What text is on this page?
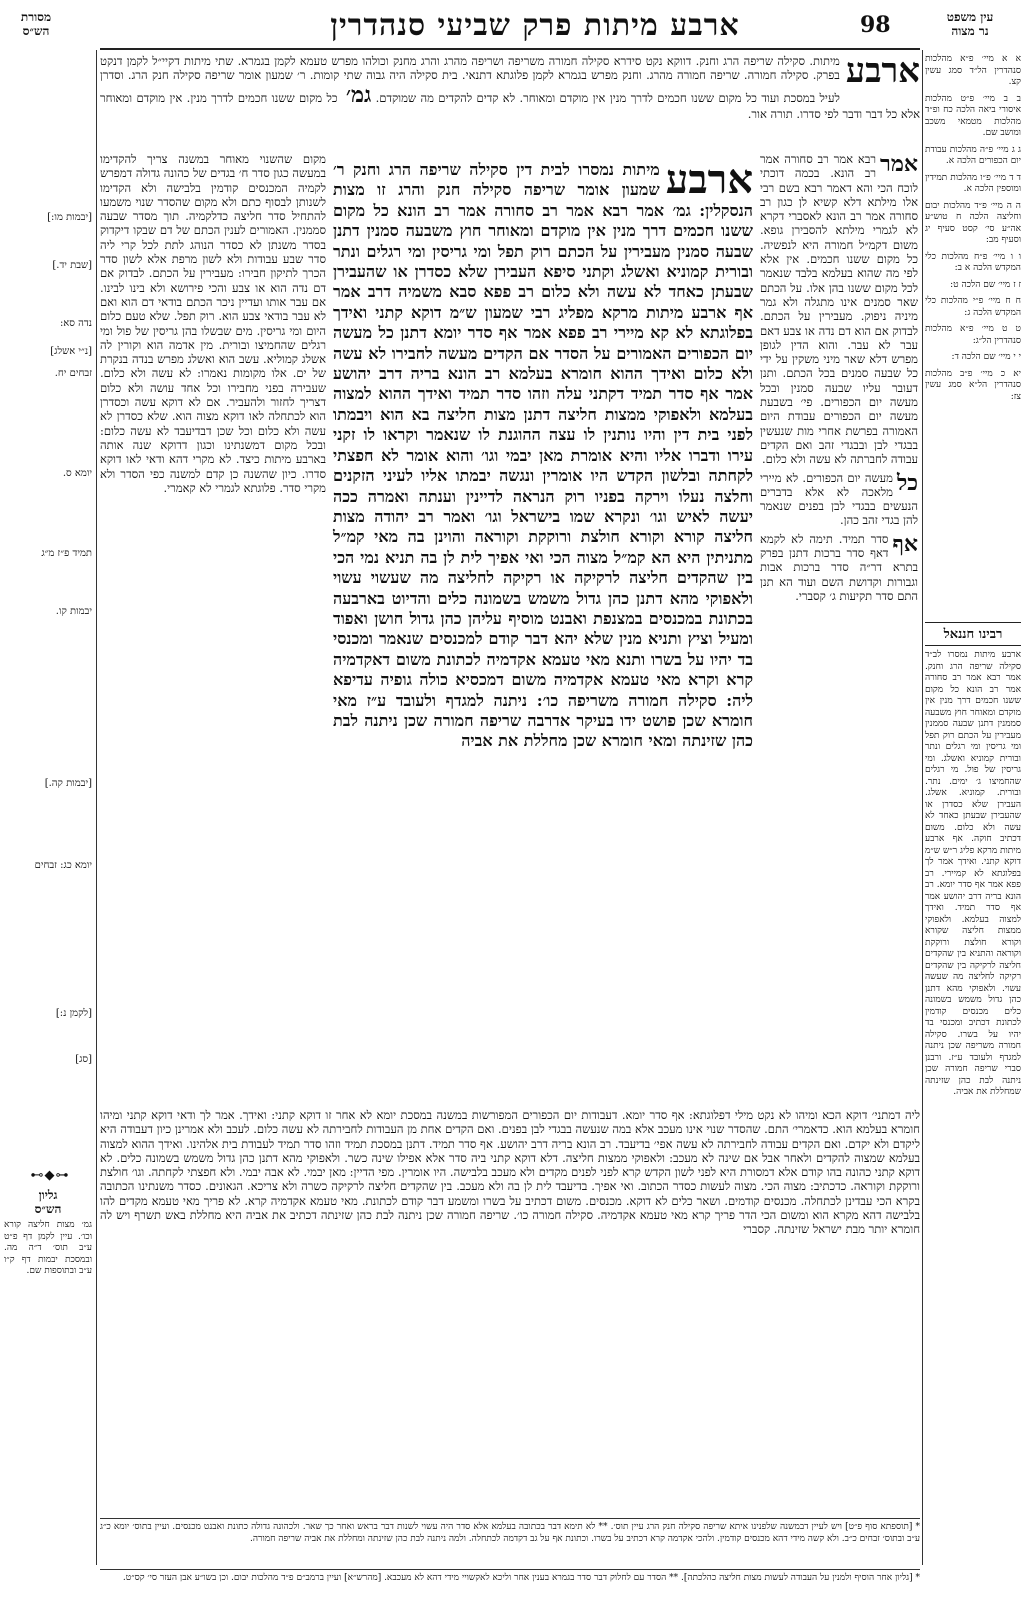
מסורת
הש״ס	ארבע מיתות פרק שביעי סנהדרין	98	עין משפט
נר מצוה
ארבע
מיתות. סקילה שריפה הרג וחנק. דווקא נקט סידרא סקילה חמורה משריפה ושריפה מהרג והרג מחנק וכולהו מפרש טעמא לקמן בגמרא. שתי מיתות דקיי״ל לקמן דנקט בפרק. סקילה חמורה. שריפה חמורה מהרג. וחנק מפרש בגמרא לקמן פלוגתא דתנאי. בית סקילה היה גבוה שתי קומות. ר׳ שמעון אומר שריפה סקילה חנק הרג. וסדרן לעיל במסכת ועוד כל מקום ששנו חכמים לדרך מנין אין מוקדם ומאוחר. לא קדים להקדים מה שמוקדם. גמ׳ כל מקום ששנו חכמים לדרך מנין. אין מוקדם ומאוחר אלא כל דבר ודבר לפי סדרו. תורה אור.
אמר
רבא אמר רב סחורה אמר רב הונא. בכמה דוכתי לוכח הכי והא דאמר רבא בשם רבי אלו מילתא דלא קשיא לן כגון רב סחורה אמר רב הונא לאסברי דקרא לא לגמרי מילתא להסבירן גופא. משום דקמ״ל חמורה היא לנפשיה. כל מקום ששנו חכמים. אין אלא לפי מה שהוא בעלמא בלבד שנאמר לכל מקום ששנו בהן אלו. על הכתם שאר סמנים אינו מתגלה ולא גמר מיניה ניפוק. מעבירין על הכתם. לבדוק אם הוא דם נדה או צבע דאם עבר לא עבר. והוא הדין לגופן מפרש דלא שאר מיני משקין על ידי כל שבעה סמנים בכל הכתם. ותנן דעובר עליו שבעה סמנין ובכל מעשה יום הכפורים. פי׳ בשבעת מעשה יום הכפורים עבודת היום האמורה בפרשת אחרי מות שנעשין בבגדי לבן ובבגדי זהב ואם הקדים עבודה לחברתה לא עשה ולא כלום.
כל
מעשה יום הכפורים. לא מיירי מלאכה לא אלא בדברים הנעשים בבגדי לבן בפנים שנאמר להן בגדי זהב כהן.
אף
סדר תמיד. תימה לא לקמא דאף סדר ברכות דתנן בפרק בתרא דר״ה סדר ברכות אבות וגבורות וקדושת השם ועוד הא תנן התם סדר תקיעות ג׳ קסברי.
ארבע
מיתות נמסרו לבית דין סקילה שריפה הרג וחנק ר׳ שמעון אומר שריפה סקילה חנק והרג זו מצות הנסקלין: גמ׳ אמר רבא אמר רב סחורה אמר רב הונא כל מקום ששנו חכמים דרך מנין אין מוקדם ומאוחר חוץ משבעה סמנין דתנן שבעה סמנין מעבירין על הכתם רוק תפל ומי גריסין ומי רגלים ונתר ובורית קמוניא ואשלג וקתני סיפא העבירן שלא כסדרן או שהעבירן שבעתן כאחד לא עשה ולא כלום רב פפא סבא משמיה דרב אמר אף ארבע מיתות מרקא מפליג רבי שמעון ש״מ דוקא קתני ואידך בפלוגתא לא קא מיירי רב פפא אמר אף סדר יומא דתנן כל מעשה יום הכפורים האמורים על הסדר אם הקדים מעשה לחבירו לא עשה ולא כלום ואידך ההוא חומרא בעלמא רב הונא בריה דרב יהושע אמר אף סדר תמיד דקתני עלה וזהו סדר תמיד ואידך ההוא למצוה בעלמא ולאפוקי ממצות חליצה דתנן מצות חליצה בא הוא ויבמתו לפני בית דין והיו נותנין לו עצה ההוגנת לו שנאמר וקראו לו זקני עירו ודברו אליו והיא אומרת מאן יבמי וגו׳ והוא אומר לא חפצתי לקחתה ובלשון הקדש היו אומרין ונגשה יבמתו אליו לעיני הזקנים וחלצה נעלו וירקה בפניו רוק הנראה לדיינין וענתה ואמרה ככה יעשה לאיש וגו׳ ונקרא שמו בישראל וגו׳ ואמר רב יהודה מצות חליצה קורא וקורא חולצת ורוקקת וקוראה והוינן בה מאי קמ״ל מתניתין היא הא קמ״ל מצוה הכי ואי אפיך לית לן בה תניא נמי הכי בין שהקדים חליצה לרקיקה או רקיקה לחליצה מה שעשוי עשוי ולאפוקי מהא דתנן כהן גדול משמש בשמונה כלים והדיוט בארבעה בכתונת במכנסים במצנפת ואבנט מוסיף עליהן כהן גדול חושן ואפוד ומעיל וציץ ותניא מנין שלא יהא דבר קודם למכנסים שנאמר ומכנסי בד יהיו על בשרו ותנא מאי טעמא אקדמיה לכתונת משום דאקדמיה קרא וקרא מאי טעמא אקדמיה משום דמכסיא כולה גופיה עדיפא ליה: סקילה חמורה משריפה כו׳: ניתנה למגדף ולעובד ע״ז מאי חומרא שכן פושט ידו בעיקר אדרבה שריפה חמורה שכן ניתנה לבת כהן שזינתה ומאי חומרא שכן מחללת את אביה
מקום שהשנוי מאוחר במשנה צריך להקדימו במעשה כגון סדר ח׳ בגדים של כהונה גדולה דמפרש לקמיה המכנסים קודמין בלבישה ולא הקדימו לשנותן לבסוף כתם ולא מקום שהסדר שנוי משמעו להתחיל סדר חליצה כדלקמיה. תוך מסדר שבעה סממנין. האמורים לענין הכתם של דם שבקו דיקדוק בסדר משנתן לא כסדר הנוהג לתת לכל קרי ליה סדר שבע עבודות ולא לשון מרפת אלא לשון סדר הכרך לתיקון חבירו: מעבירין על הכתם. לבדוק אם דם נדה הוא או צבע והכי פירושא ולא בינו לבינו. אם עבר אותו ועדיין ניכר הכתם בודאי דם הוא ואם לא עבר בודאי צבע הוא. רוק תפל. שלא טעם כלום היום ומי גריסין. מים שבשלו בהן גריסין של פול ומי רגלים שהחמיצו ובורית. מין אדמה הוא וקורין לה אשלג קמוליא. עשב הוא ואשלג מפרש בנדה בנקרת של ים. אלו מקומות נאמרו: לא עשה ולא כלום. שעבירה בפני מחבירו וכל אחד עושה ולא כלום דצריך לחזור ולהעביר. אם לא דוקא עשה וכסדרן הוא לכתחלה לאו דוקא מצוה הוא. שלא כסדרן לא עשה ולא כלום וכל שכן דבדיעבד לא עשה כלום: ובכל מקום דמשנתינו וכגון דדוקא שנה אותה בארבע מיתות כיצד. לא מקרי דהא ודאי לאו דוקא סדרו. כיון שהשנה כן קדם למשנה כפי הסדר ולא מקרי סדר. פלוגתא לגמרי לא קאמרי.
ליה דמתני׳ דוקא הכא ומיהו לא נקט מילי דפלוגתא: אף סדר יומא. דעבודות יום הכפורים המפורשות במשנה במסכת יומא לא אחר זו דוקא קתני: ואידך. אמר לך ודאי דוקא קתני ומיהו חומרא בעלמא הוא. כדאמרי׳ התם. שהסדר שנוי אינו מעכב אלא במה שנעשה בבגדי לבן בפנים. ואם הקדים אחת מן העבודות לחבירתה לא עשה כלום. לעכב ולא אמרינן כיון דעבודה היא ליקדם ולא יקדם. ואם הקדים עבודה לחבירתה לא עשה אפי׳ בדיעבד. רב הונא בריה דרב יהושע. אף סדר תמיד. דתנן במסכת תמיד וזהו סדר תמיד לעבודת בית אלהינו. ואידך ההוא למצוה בעלמא שמצוה להקדים ולאחר אבל אם שינה לא מעכב: ולאפוקי ממצות חליצה. דלא דוקא קתני ביה סדר אלא אפילו שינה כשר. ולאפוקי מהא דתנן כהן גדול משמש בשמונה כלים. לא דוקא קתני כהונה בהו קודם אלא דמסורת היא לפני לשון הקדש קרא לפני לפנים מקדים ולא מעכב בלבישה. היו אומרין. מפי הדיין: מאן יבמי. לא אבה יבמי. ולא חפצתי לקחתה. וגו׳ חולצת ורוקקת וקוראה. כדכתיב: מצוה הכי. מצוה לעשות כסדר הכתוב. ואי אפיך. בדיעבד לית לן בה ולא מעכב. בין שהקדים חליצה לרקיקה כשרה ולא צריכא. הגאונים. כסדר משנתינו הכתובה בקרא הכי עבדינן לכתחלה. מכנסים קודמים. ושאר כלים לא דוקא. מכנסים. משום דכתיב על בשרו ומשמע דבר קודם לכתונת. מאי טעמא אקדמיה קרא. לא פריך מאי טעמא מקדים להו בלבישה דהא מקרא הוא ומשום הכי הדר פריך קרא מאי טעמא אקדמיה. סקילה חמורה כו׳. שריפה חמורה שכן ניתנה לבת כהן שזינתה דכתיב את אביה היא מחללת באש תשרף ויש לה חומרא יותר מבת ישראל שזינתה. קסברי
* [תוספתא סוף פ״ט] ויש לעיין דבמשנה שלפנינו איתא שריפה סקילה חנק הרג עיין תוס׳. ** לא תימא דבר בכתובה בעלמא אלא סדר היה עשוי לשנות דבר בראש ואחר כך שאר. ולכהונה גדולה כתונת ואבנט מכנסים. ועיין בתוס׳ יומא כ״ג ע״ב ובתוס׳ זבחים כ״ב. ולא קשה מידי דהא מכנסים קודמין. ולהכי אקדמה קרא דכתיב על בשרו. וכתונת אף על גב דקדמה לכתחלה. ולמה ניתנה לבת כהן שזינתה ומחללת את אביה שריפה חמורה.
* [גליון אחר הוסיף ולמנין על העבודה לעשות מצות חליצה כהלכתה]. ** הסדר עם לחלוק דבר סדר בגמרא בענין אחר וליכא לאקשויי מידי דהא לא מעכבא. [מהרש״א] ועיין ברמב״ם פ״ד מהלכות יבום. וכן בשו״ע אבן העזר סי׳ קס״ט.
א א מיי׳ פ״א מהלכות סנהדרין הל״ד סמג עשין קצ.
ב ב מיי׳ פ״ט מהלכות איסורי ביאה הלכה כח ופ״ד מהלכות מטמאי משכב ומושב שם.
ג ג מיי׳ פ״ה מהלכות עבודת יום הכפורים הלכה א.
ד ד מיי׳ פ״ו מהלכות תמידין ומוספין הלכה א.
ה ה מיי׳ פ״ד מהלכות יבום וחליצה הלכה ח טוש״ע אה״ע סי׳ קסט סעיף יג וסעיף מב:
ו ו מיי׳ פ״ח מהלכות כלי המקדש הלכה א ב:
ז ז מיי׳ שם הלכה ט:
ח ח מיי׳ פ״י מהלכות כלי המקדש הלכה ג:
ט ט מיי׳ פ״א מהלכות סנהדרין הל״ג:
י י מיי׳ שם הלכה ד:
יא כ מיי׳ פ״ב מהלכות סנהדרין הל״א סמג עשין צז:
רבינו חננאל
ארבע מיתות נמסרו לב״ד סקילה שריפה הרג וחנק. אמר רבא אמר רב סחורה אמר רב הונא כל מקום ששנו חכמים דרך מנין אין מוקדם ומאוחר חוץ משבעה סממנין דתנן שבעה סממנין מעבירין על הכתם רוק תפל ומי גריסין ומי רגלים ונתר ובורית קמוניא ואשלג. ומי גריסין של פול. מי רגלים שהחמיצו ג׳ ימים. נתר. ובורית. קמוניא. אשלג. העבירן שלא כסדרן או שהעבירן שבעתן כאחד לא עשה ולא כלום. משום דכתיב חוקה. אף ארבע מיתות מרקא פליג ר״ש ש״מ דוקא קתני. ואידך אמר לך בפלוגתא לא קמיירי. רב פפא אמר אף סדר יומא. רב הונא בריה דרב יהושע אמר אף סדר תמיד. ואידך למצוה בעלמא. ולאפוקי ממצות חליצה שקורא וקורא חולצת ורוקקת וקוראה והתניא בין שהקדים חליצה לרקיקה בין שהקדים רקיקה לחליצה מה שעשה עשוי. ולאפוקי מהא דתנן כהן גדול משמש בשמונה כלים מכנסים קודמין לכתונת דכתיב ומכנסי בד יהיו על בשרו. סקילה חמורה משריפה שכן ניתנה למגדף ולעובד ע״ז. ורבנן סברי שריפה חמורה שכן ניתנה לבת כהן שזינתה שמחללת את אביה.
[יבמות מו:]
[שבת יד.]
נדה סא:
[נ״י אשלג]
זבחים יח.
יומא ס.
תמיד פ״ז מ״ג
יבמות קו.
[יבמות קה.]
יומא כג: זבחים
[לקמן נ:]
[סג]
⊷◆⊶
גליון
הש״ס
גמ׳ מצות חליצה קורא וכו׳. עיין לקמן דף פ״ט ע״ב תוס׳ ד״ה מה. ובמסכת יבמות דף ק״ו ע״ב ובתוספות שם.
